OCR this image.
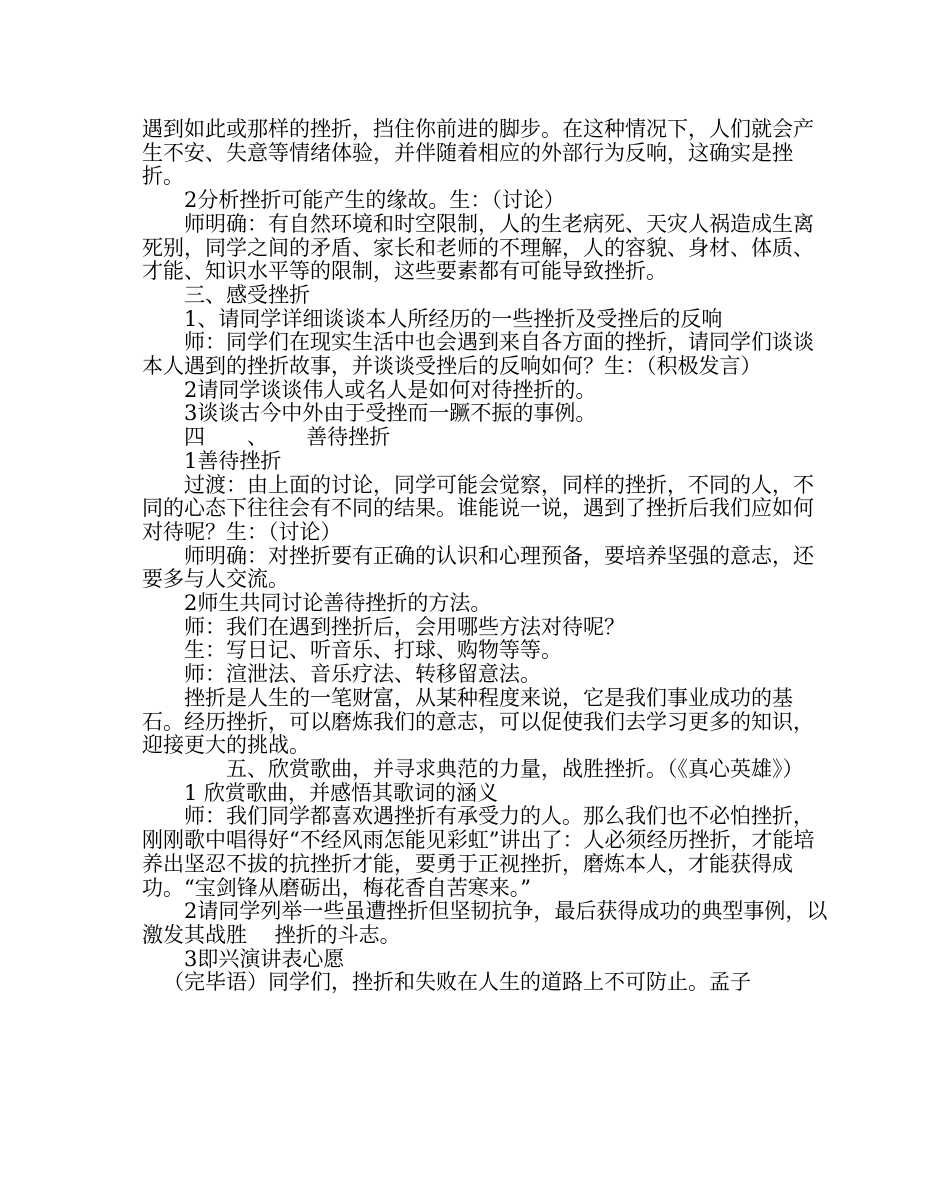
遇到如此或那样的挫折，挡住你前进的脚步。在这种情况下，人们就会产生不安、失意等情绪体验，并伴随着相应的外部行为反响，这确实是挫折。

2分析挫折可能产生的缘故。生：（讨论）

师明确：有自然环境和时空限制，人的生老病死、天灾人祸造成生离死别，同学之间的矛盾、家长和老师的不理解，人的容貌、身材、体质、才能、知识水平等的限制，这些要素都有可能导致挫折。

三、感受挫折

1、请同学详细谈谈本人所经历的一些挫折及受挫后的反响

师：同学们在现实生活中也会遇到来自各方面的挫折，请同学们谈谈本人遇到的挫折故事，并谈谈受挫后的反响如何？生：（积极发言）

2请同学谈谈伟人或名人是如何对待挫折的。

3谈谈古今中外由于受挫而一蹶不振的事例。

四　　、　　 善待挫折

1善待挫折

过渡：由上面的讨论，同学可能会觉察，同样的挫折，不同的人，不同的心态下往往会有不同的结果。谁能说一说，遇到了挫折后我们应如何对待呢？生：（讨论）

师明确：对挫折要有正确的认识和心理预备，要培养坚强的意志，还要多与人交流。

2师生共同讨论善待挫折的方法。

师：我们在遇到挫折后，会用哪些方法对待呢？

生：写日记、听音乐、打球、购物等等。

师：渲泄法、音乐疗法、转移留意法。

挫折是人生的一笔财富，从某种程度来说，它是我们事业成功的基石。经历挫折，可以磨炼我们的意志，可以促使我们去学习更多的知识，迎接更大的挑战。

五、欣赏歌曲，并寻求典范的力量，战胜挫折。（《真心英雄》）

1 欣赏歌曲，并感悟其歌词的涵义

师：我们同学都喜欢遇挫折有承受力的人。那么我们也不必怕挫折，刚刚歌中唱得好“不经风雨怎能见彩虹”讲出了：人必须经历挫折，才能培养出坚忍不拔的抗挫折才能，要勇于正视挫折，磨炼本人，才能获得成功。“宝剑锋从磨砺出，梅花香自苦寒来。”

2请同学列举一些虽遭挫折但坚韧抗争，最后获得成功的典型事例，以激发其战胜　 挫折的斗志。

3即兴演讲表心愿

（完毕语）同学们，挫折和失败在人生的道路上不可防止。孟子
